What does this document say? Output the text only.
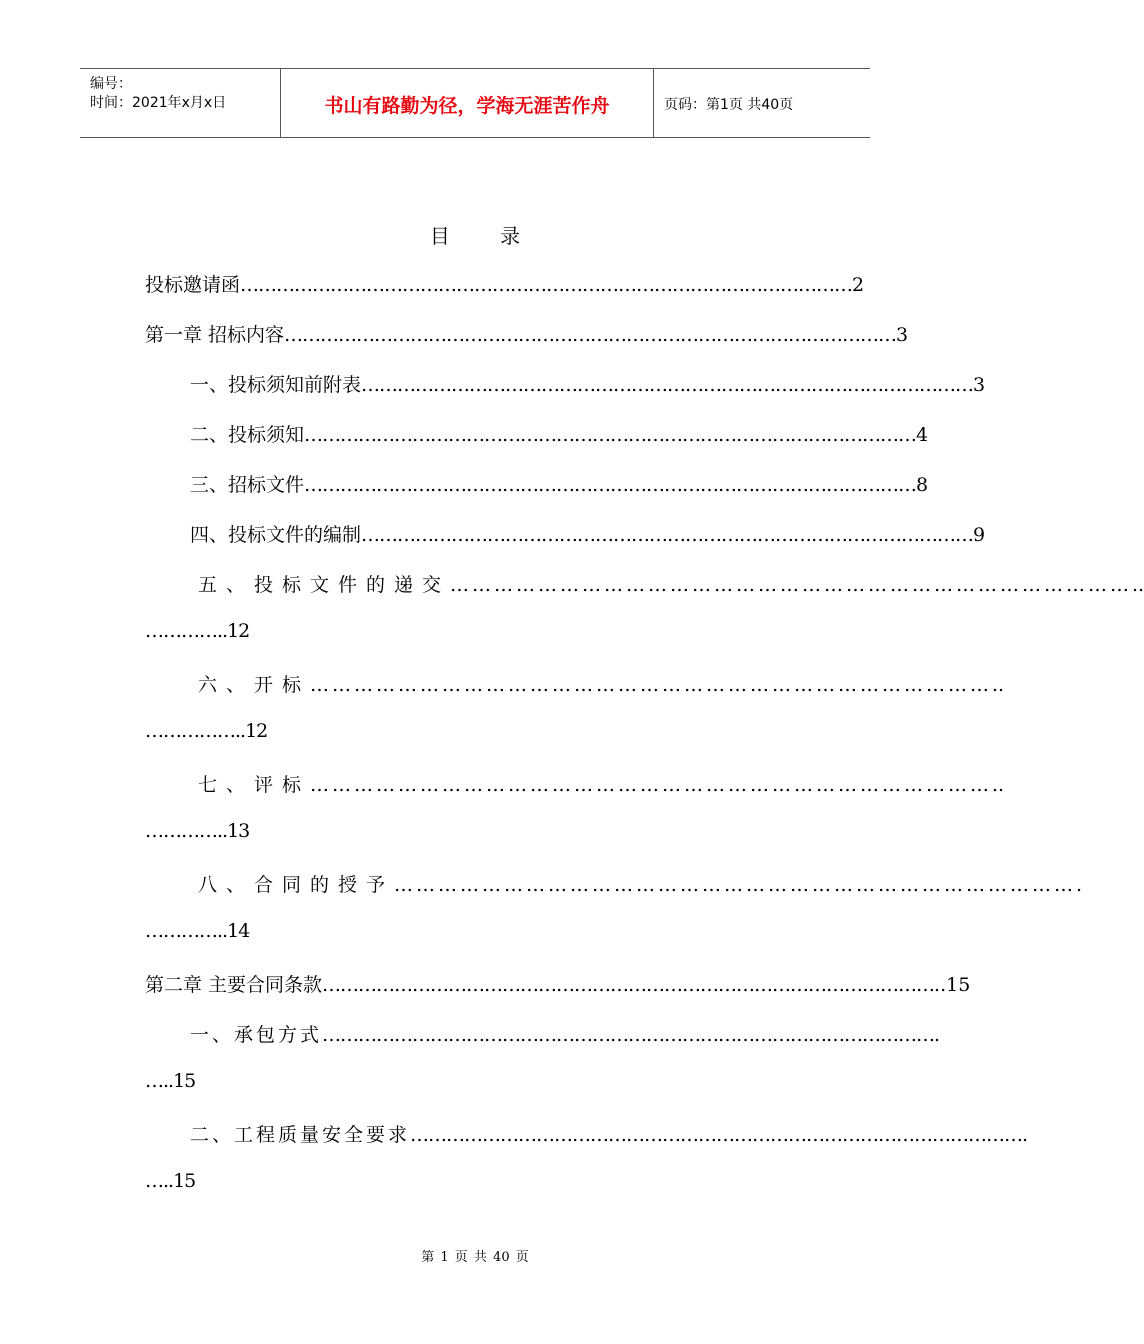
编号：
时间：2021年x月x日	书山有路勤为径，学海无涯苦作舟	页码：第1页 共40页
目 录
投标邀请函 ………………………………………………………………………………………… 2
第一章 招标内容 ………………………………………………………………………………………… 3
一、投标须知前附表 ………………………………………………………………………………………… 3
二、投标须知 ………………………………………………………………………………………… 4
三、招标文件 ………………………………………………………………………………………… 8
四、投标文件的编制 ………………………………………………………………………………………… 9
五、投标文件的递交 ………………………………………………………………………………… ..
…………..12
六、开标 ………………………………………………………………………………… ..
……………..12
七、评标 ………………………………………………………………………………… ..
…………..13
八、合同的授予 ………………………………………………………………………………… .
…………..14
第二章 主要合同条款 ………………………………………………………………………………………… ..15
一、承包方式 ………………………………………………………………………………………… .
…..15
二、工程质量安全要求 ………………………………………………………………………………………… .
…..15
第 1 页 共 40 页
